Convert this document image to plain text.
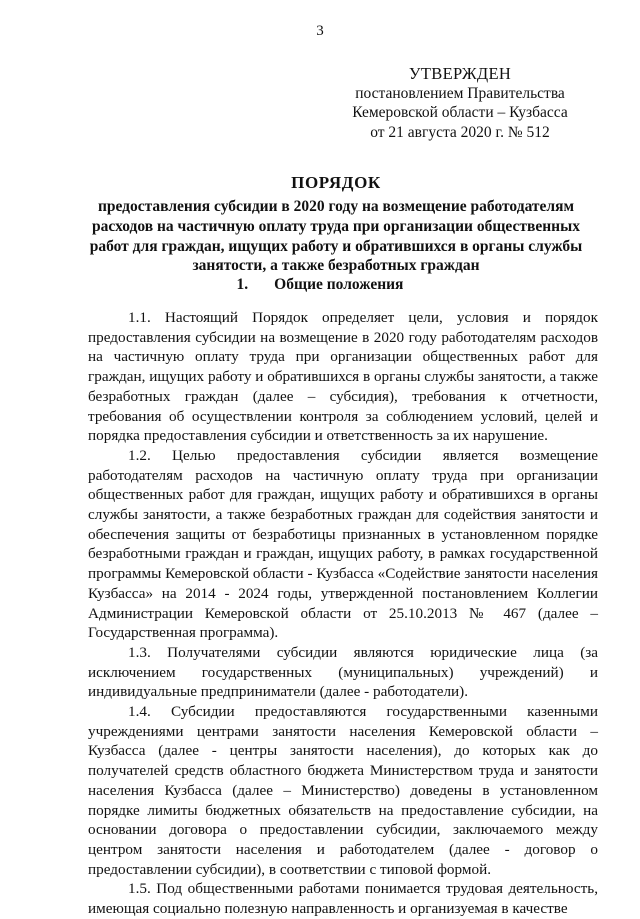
3
УТВЕРЖДЕН
постановлением Правительства
Кемеровской области – Кузбасса
от 21 августа 2020 г. № 512
ПОРЯДОК
предоставления субсидии в 2020 году на возмещение работодателям расходов на частичную оплату труда при организации общественных работ для граждан, ищущих работу и обратившихся в органы службы занятости, а также безработных граждан
1. Общие положения

1.1. Настоящий Порядок определяет цели, условия и порядок предоставления субсидии на возмещение в 2020 году работодателям расходов на частичную оплату труда при организации общественных работ для граждан, ищущих работу и обратившихся в органы службы занятости, а также безработных граждан (далее – субсидия), требования к отчетности, требования об осуществлении контроля за соблюдением условий, целей и порядка предоставления субсидии и ответственность за их нарушение.

1.2. Целью предоставления субсидии является возмещение работодателям расходов на частичную оплату труда при организации общественных работ для граждан, ищущих работу и обратившихся в органы службы занятости, а также безработных граждан для содействия занятости и обеспечения защиты от безработицы признанных в установленном порядке безработными граждан и граждан, ищущих работу, в рамках государственной программы Кемеровской области - Кузбасса «Содействие занятости населения Кузбасса» на 2014 - 2024 годы, утвержденной постановлением Коллегии Администрации Кемеровской области от 25.10.2013 № 467 (далее – Государственная программа).

1.3. Получателями субсидии являются юридические лица (за исключением государственных (муниципальных) учреждений) и индивидуальные предприниматели (далее - работодатели).

1.4. Субсидии предоставляются государственными казенными учреждениями центрами занятости населения Кемеровской области – Кузбасса (далее - центры занятости населения), до которых как до получателей средств областного бюджета Министерством труда и занятости населения Кузбасса (далее – Министерство) доведены в установленном порядке лимиты бюджетных обязательств на предоставление субсидии, на основании договора о предоставлении субсидии, заключаемого между центром занятости населения и работодателем (далее - договор о предоставлении субсидии), в соответствии с типовой формой.

1.5. Под общественными работами понимается трудовая деятельность, имеющая социально полезную направленность и организуемая в качестве
